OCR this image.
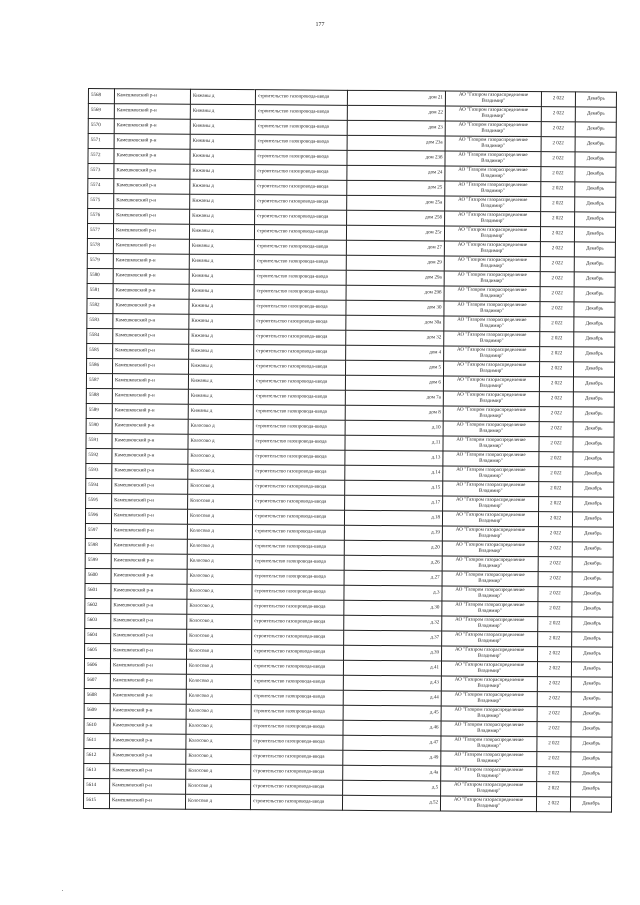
177
5568	Камешковский р-н	Кижаны д	строительство газопровода-ввода	дом 21	АО "Газпром газораспределение
Владимир"	2 022	Декабрь
5569	Камешковский р-н	Кижаны д	строительство газопровода-ввода	дом 22	АО "Газпром газораспределение
Владимир"	2 022	Декабрь
5570	Камешковский р-н	Кижаны д	строительство газопровода-ввода	дом 23	АО "Газпром газораспределение
Владимир"	2 022	Декабрь
5571	Камешковский р-н	Кижаны д	строительство газопровода-ввода	дом 23а	АО "Газпром газораспределение
Владимир"	2 022	Декабрь
5572	Камешковский р-н	Кижаны д	строительство газопровода-ввода	дом 23б	АО "Газпром газораспределение
Владимир"	2 022	Декабрь
5573	Камешковский р-н	Кижаны д	строительство газопровода-ввода	дом 24	АО "Газпром газораспределение
Владимир"	2 022	Декабрь
5574	Камешковский р-н	Кижаны д	строительство газопровода-ввода	дом 25	АО "Газпром газораспределение
Владимир"	2 022	Декабрь
5575	Камешковский р-н	Кижаны д	строительство газопровода-ввода	дом 25а	АО "Газпром газораспределение
Владимир"	2 022	Декабрь
5576	Камешковский р-н	Кижаны д	строительство газопровода-ввода	дом 25б	АО "Газпром газораспределение
Владимир"	2 022	Декабрь
5577	Камешковский р-н	Кижаны д	строительство газопровода-ввода	дом 25г	АО "Газпром газораспределение
Владимир"	2 022	Декабрь
5578	Камешковский р-н	Кижаны д	строительство газопровода-ввода	дом 27	АО "Газпром газораспределение
Владимир"	2 022	Декабрь
5579	Камешковский р-н	Кижаны д	строительство газопровода-ввода	дом 29	АО "Газпром газораспределение
Владимир"	2 022	Декабрь
5580	Камешковский р-н	Кижаны д	строительство газопровода-ввода	дом 29а	АО "Газпром газораспределение
Владимир"	2 022	Декабрь
5581	Камешковский р-н	Кижаны д	строительство газопровода-ввода	дом 29б	АО "Газпром газораспределение
Владимир"	2 022	Декабрь
5582	Камешковский р-н	Кижаны д	строительство газопровода-ввода	дом 30	АО "Газпром газораспределение
Владимир"	2 022	Декабрь
5583	Камешковский р-н	Кижаны д	строительство газопровода-ввода	дом 30а	АО "Газпром газораспределение
Владимир"	2 022	Декабрь
5584	Камешковский р-н	Кижаны д	строительство газопровода-ввода	дом 32	АО "Газпром газораспределение
Владимир"	2 022	Декабрь
5585	Камешковский р-н	Кижаны д	строительство газопровода-ввода	дом 4	АО "Газпром газораспределение
Владимир"	2 022	Декабрь
5586	Камешковский р-н	Кижаны д	строительство газопровода-ввода	дом 5	АО "Газпром газораспределение
Владимир"	2 022	Декабрь
5587	Камешковский р-н	Кижаны д	строительство газопровода-ввода	дом 6	АО "Газпром газораспределение
Владимир"	2 022	Декабрь
5588	Камешковский р-н	Кижаны д	строительство газопровода-ввода	дом 7а	АО "Газпром газораспределение
Владимир"	2 022	Декабрь
5589	Камешковский р-н	Кижаны д	строительство газопровода-ввода	дом 8	АО "Газпром газораспределение
Владимир"	2 022	Декабрь
5590	Камешковский р-н	Колосово д	строительство газопровода-ввода	д.10	АО "Газпром газораспределение
Владимир"	2 022	Декабрь
5591	Камешковский р-н	Колосово д	строительство газопровода-ввода	д.11	АО "Газпром газораспределение
Владимир"	2 022	Декабрь
5592	Камешковский р-н	Колосово д	строительство газопровода-ввода	д.13	АО "Газпром газораспределение
Владимир"	2 022	Декабрь
5593	Камешковский р-н	Колосово д	строительство газопровода-ввода	д.14	АО "Газпром газораспределение
Владимир"	2 022	Декабрь
5594	Камешковский р-н	Колосово д	строительство газопровода-ввода	д.15	АО "Газпром газораспределение
Владимир"	2 022	Декабрь
5595	Камешковский р-н	Колосово д	строительство газопровода-ввода	д.17	АО "Газпром газораспределение
Владимир"	2 022	Декабрь
5596	Камешковский р-н	Колосово д	строительство газопровода-ввода	д.18	АО "Газпром газораспределение
Владимир"	2 022	Декабрь
5597	Камешковский р-н	Колосово д	строительство газопровода-ввода	д.19	АО "Газпром газораспределение
Владимир"	2 022	Декабрь
5598	Камешковский р-н	Колосово д	строительство газопровода-ввода	д.20	АО "Газпром газораспределение
Владимир"	2 022	Декабрь
5599	Камешковский р-н	Колосово д	строительство газопровода-ввода	д.26	АО "Газпром газораспределение
Владимир"	2 022	Декабрь
5600	Камешковский р-н	Колосово д	строительство газопровода-ввода	д.27	АО "Газпром газораспределение
Владимир"	2 022	Декабрь
5601	Камешковский р-н	Колосово д	строительство газопровода-ввода	д.3	АО "Газпром газораспределение
Владимир"	2 022	Декабрь
5602	Камешковский р-н	Колосово д	строительство газопровода-ввода	д.30	АО "Газпром газораспределение
Владимир"	2 022	Декабрь
5603	Камешковский р-н	Колосово д	строительство газопровода-ввода	д.32	АО "Газпром газораспределение
Владимир"	2 022	Декабрь
5604	Камешковский р-н	Колосово д	строительство газопровода-ввода	д.37	АО "Газпром газораспределение
Владимир"	2 022	Декабрь
5605	Камешковский р-н	Колосово д	строительство газопровода-ввода	д.39	АО "Газпром газораспределение
Владимир"	2 022	Декабрь
5606	Камешковский р-н	Колосово д	строительство газопровода-ввода	д.41	АО "Газпром газораспределение
Владимир"	2 022	Декабрь
5607	Камешковский р-н	Колосово д	строительство газопровода-ввода	д.43	АО "Газпром газораспределение
Владимир"	2 022	Декабрь
5608	Камешковский р-н	Колосово д	строительство газопровода-ввода	д.44	АО "Газпром газораспределение
Владимир"	2 022	Декабрь
5609	Камешковский р-н	Колосово д	строительство газопровода-ввода	д.45	АО "Газпром газораспределение
Владимир"	2 022	Декабрь
5610	Камешковский р-н	Колосово д	строительство газопровода-ввода	д.46	АО "Газпром газораспределение
Владимир"	2 022	Декабрь
5611	Камешковский р-н	Колосово д	строительство газопровода-ввода	д.47	АО "Газпром газораспределение
Владимир"	2 022	Декабрь
5612	Камешковский р-н	Колосово д	строительство газопровода-ввода	д.49	АО "Газпром газораспределение
Владимир"	2 022	Декабрь
5613	Камешковский р-н	Колосово д	строительство газопровода-ввода	д.4а	АО "Газпром газораспределение
Владимир"	2 022	Декабрь
5614	Камешковский р-н	Колосово д	строительство газопровода-ввода	д.5	АО "Газпром газораспределение
Владимир"	2 022	Декабрь
5615	Камешковский р-н	Колосово д	строительство газопровода-ввода	д.52	АО "Газпром газораспределение
Владимир"	2 022	Декабрь
